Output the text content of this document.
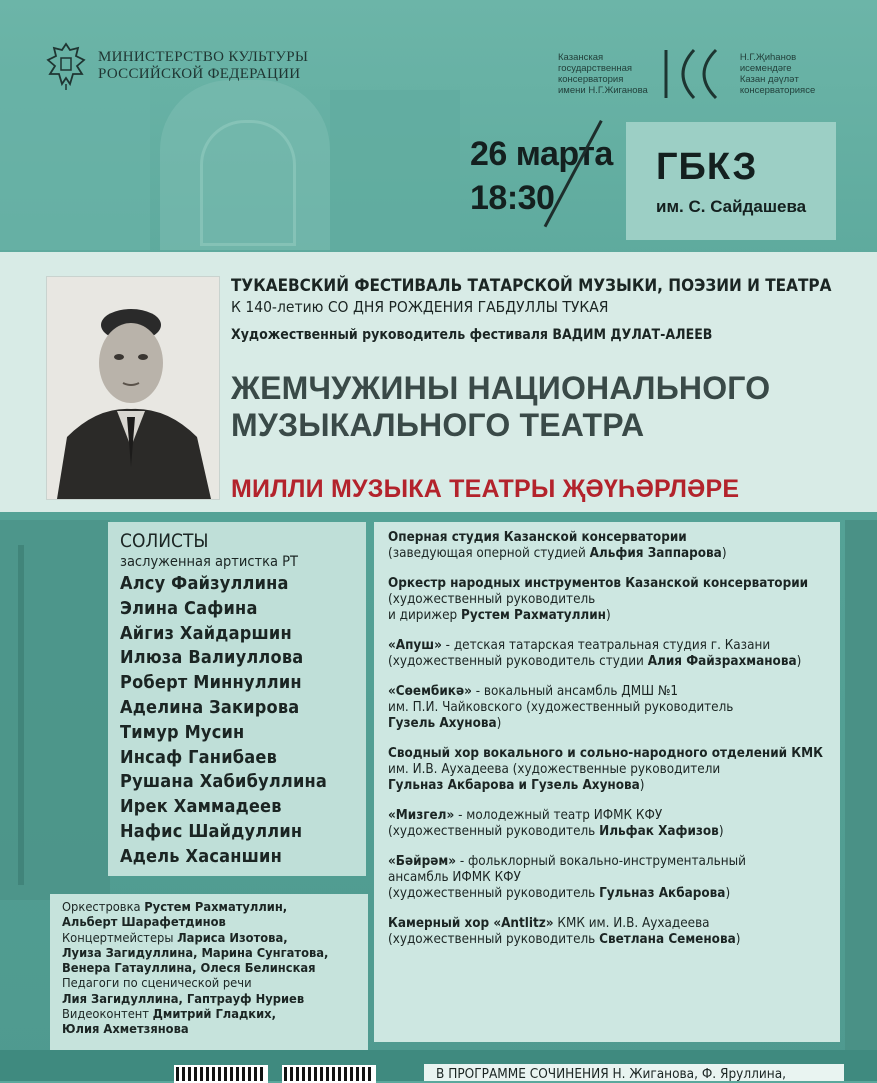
МИНИСТЕРСТВО КУЛЬТУРЫ
РОССИЙСКОЙ ФЕДЕРАЦИИ
Казанская
государственная
консерватория
имени Н.Г.Жиганова
Н.Г.Җиһанов
исемендәге
Казан дәүләт
консерваториясе
26 марта
18:30
ГБКЗ
им. С. Сайдашева
ТУКАЕВСКИЙ ФЕСТИВАЛЬ ТАТАРСКОЙ МУЗЫКИ, ПОЭЗИИ И ТЕАТРА
К 140-летию СО ДНЯ РОЖДЕНИЯ ГАБДУЛЛЫ ТУКАЯ
Художественный руководитель фестиваля ВАДИМ ДУЛАТ-АЛЕЕВ
ЖЕМЧУЖИНЫ НАЦИОНАЛЬНОГО
МУЗЫКАЛЬНОГО ТЕАТРА
МИЛЛИ МУЗЫКА ТЕАТРЫ ҖӘҮҺӘРЛӘРЕ
СОЛИСТЫ
заслуженная артистка РТ
Алсу Файзуллина
Элина Сафина
Айгиз Хайдаршин
Илюза Валиуллова
Роберт Миннуллин
Аделина Закирова
Тимур Мусин
Инсаф Ганибаев
Рушана Хабибуллина
Ирек Хаммадеев
Нафис Шайдуллин
Адель Хасаншин
Оркестровка Рустем Рахматуллин,
Альберт Шарафетдинов
Концертмейстеры Лариса Изотова,
Луиза Загидуллина, Марина Сунгатова,
Венера Гатауллина, Олеся Белинская
Педагоги по сценической речи
Лия Загидуллина, Гаптрауф Нуриев
Видеоконтент Дмитрий Гладких,
Юлия Ахметзянова
Оперная студия Казанской консерватории
(заведующая оперной студией Альфия Заппарова)
Оркестр народных инструментов Казанской консерватории
(художественный руководитель
и дирижер Рустем Рахматуллин)
«Апуш» - детская татарская театральная студия г. Казани
(художественный руководитель студии Алия Файзрахманова)
«Сөембикә» - вокальный ансамбль ДМШ №1
им. П.И. Чайковского (художественный руководитель
Гузель Ахунова)
Сводный хор вокального и сольно-народного отделений КМК
им. И.В. Аухадеева (художественные руководители
Гульназ Акбарова и Гузель Ахунова)
«Мизгел» - молодежный театр ИФМК КФУ
(художественный руководитель Ильфак Хафизов)
«Бәйрәм» - фольклорный вокально-инструментальный
ансамбль ИФМК КФУ
(художественный руководитель Гульназ Акбарова)
Камерный хор «Antlitz» КМК им. И.В. Аухадеева
(художественный руководитель Светлана Семенова)
В ПРОГРАММЕ СОЧИНЕНИЯ Н. Жиганова, Ф. Яруллина,
